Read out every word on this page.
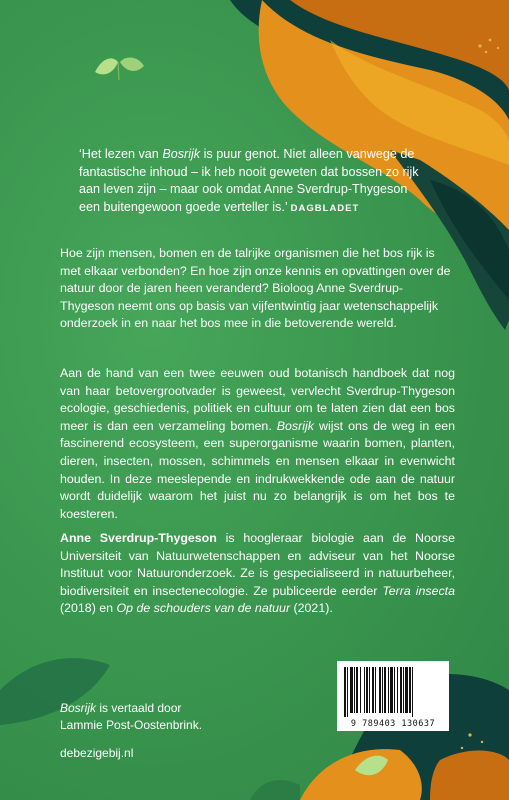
‘Het lezen van Bosrijk is puur genot. Niet alleen vanwege de fantastische inhoud – ik heb nooit geweten dat bossen zo rijk aan leven zijn – maar ook omdat Anne Sverdrup-Thygeson een buitengewoon goede verteller is.’ DAGBLADET
Hoe zijn mensen, bomen en de talrijke organismen die het bos rijk is met elkaar verbonden? En hoe zijn onze kennis en opvattingen over de natuur door de jaren heen veranderd? Bioloog Anne Sverdrup-Thygeson neemt ons op basis van vijfentwintig jaar wetenschappelijk onderzoek in en naar het bos mee in die betoverende wereld.
Aan de hand van een twee eeuwen oud botanisch handboek dat nog van haar betovergrootvader is geweest, vervlecht Sverdrup-Thygeson ecologie, geschiedenis, politiek en cultuur om te laten zien dat een bos meer is dan een verzameling bomen. Bosrijk wijst ons de weg in een fascinerend ecosysteem, een superorganisme waarin bomen, planten, dieren, insecten, mossen, schimmels en mensen elkaar in evenwicht houden. In deze meeslepende en indrukwekkende ode aan de natuur wordt duidelijk waarom het juist nu zo belangrijk is om het bos te koesteren.
Anne Sverdrup-Thygeson is hoogleraar biologie aan de Noorse Universiteit van Natuurwetenschappen en adviseur van het Noorse Instituut voor Natuuronderzoek. Ze is gespecialiseerd in natuurbeheer, biodiversiteit en insectenecologie. Ze publiceerde eerder Terra insecta (2018) en Op de schouders van de natuur (2021).
Bosrijk is vertaald door
Lammie Post-Oostenbrink.
debezigebij.nl
9 789403 130637
